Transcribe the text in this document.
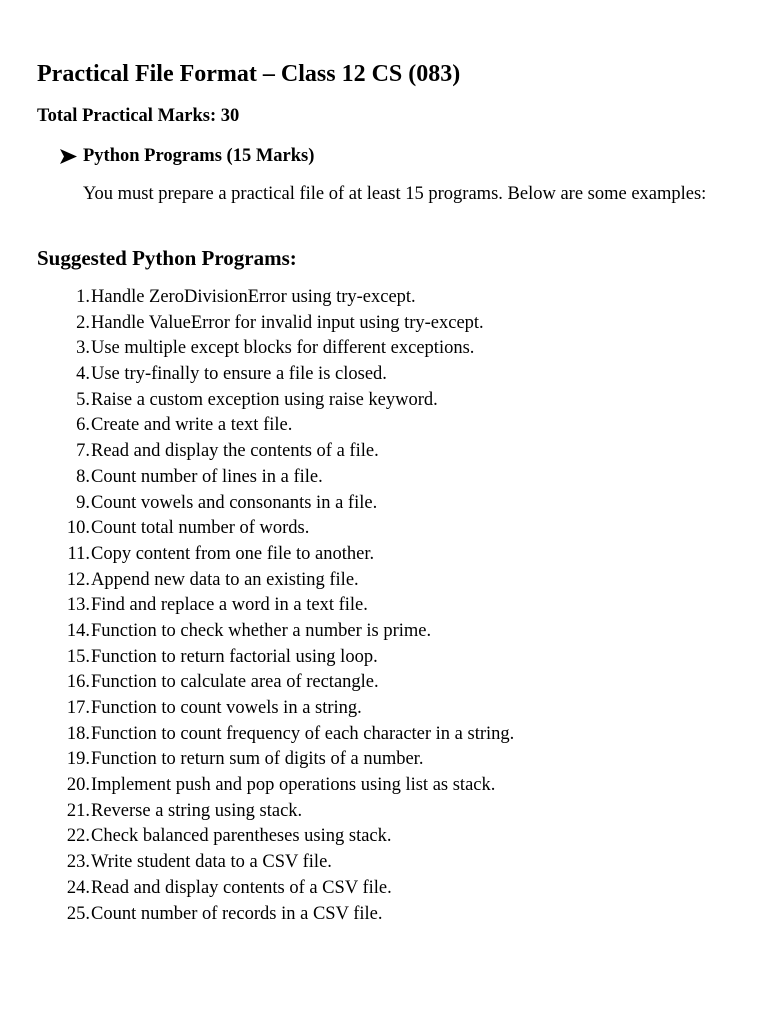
Practical File Format – Class 12 CS (083)
Total Practical Marks: 30
Python Programs (15 Marks)
You must prepare a practical file of at least 15 programs. Below are some examples:
Suggested Python Programs:
1. Handle ZeroDivisionError using try-except.
2. Handle ValueError for invalid input using try-except.
3. Use multiple except blocks for different exceptions.
4. Use try-finally to ensure a file is closed.
5. Raise a custom exception using raise keyword.
6. Create and write a text file.
7. Read and display the contents of a file.
8. Count number of lines in a file.
9. Count vowels and consonants in a file.
10. Count total number of words.
11. Copy content from one file to another.
12. Append new data to an existing file.
13. Find and replace a word in a text file.
14. Function to check whether a number is prime.
15. Function to return factorial using loop.
16. Function to calculate area of rectangle.
17. Function to count vowels in a string.
18. Function to count frequency of each character in a string.
19. Function to return sum of digits of a number.
20. Implement push and pop operations using list as stack.
21. Reverse a string using stack.
22. Check balanced parentheses using stack.
23. Write student data to a CSV file.
24. Read and display contents of a CSV file.
25. Count number of records in a CSV file.
